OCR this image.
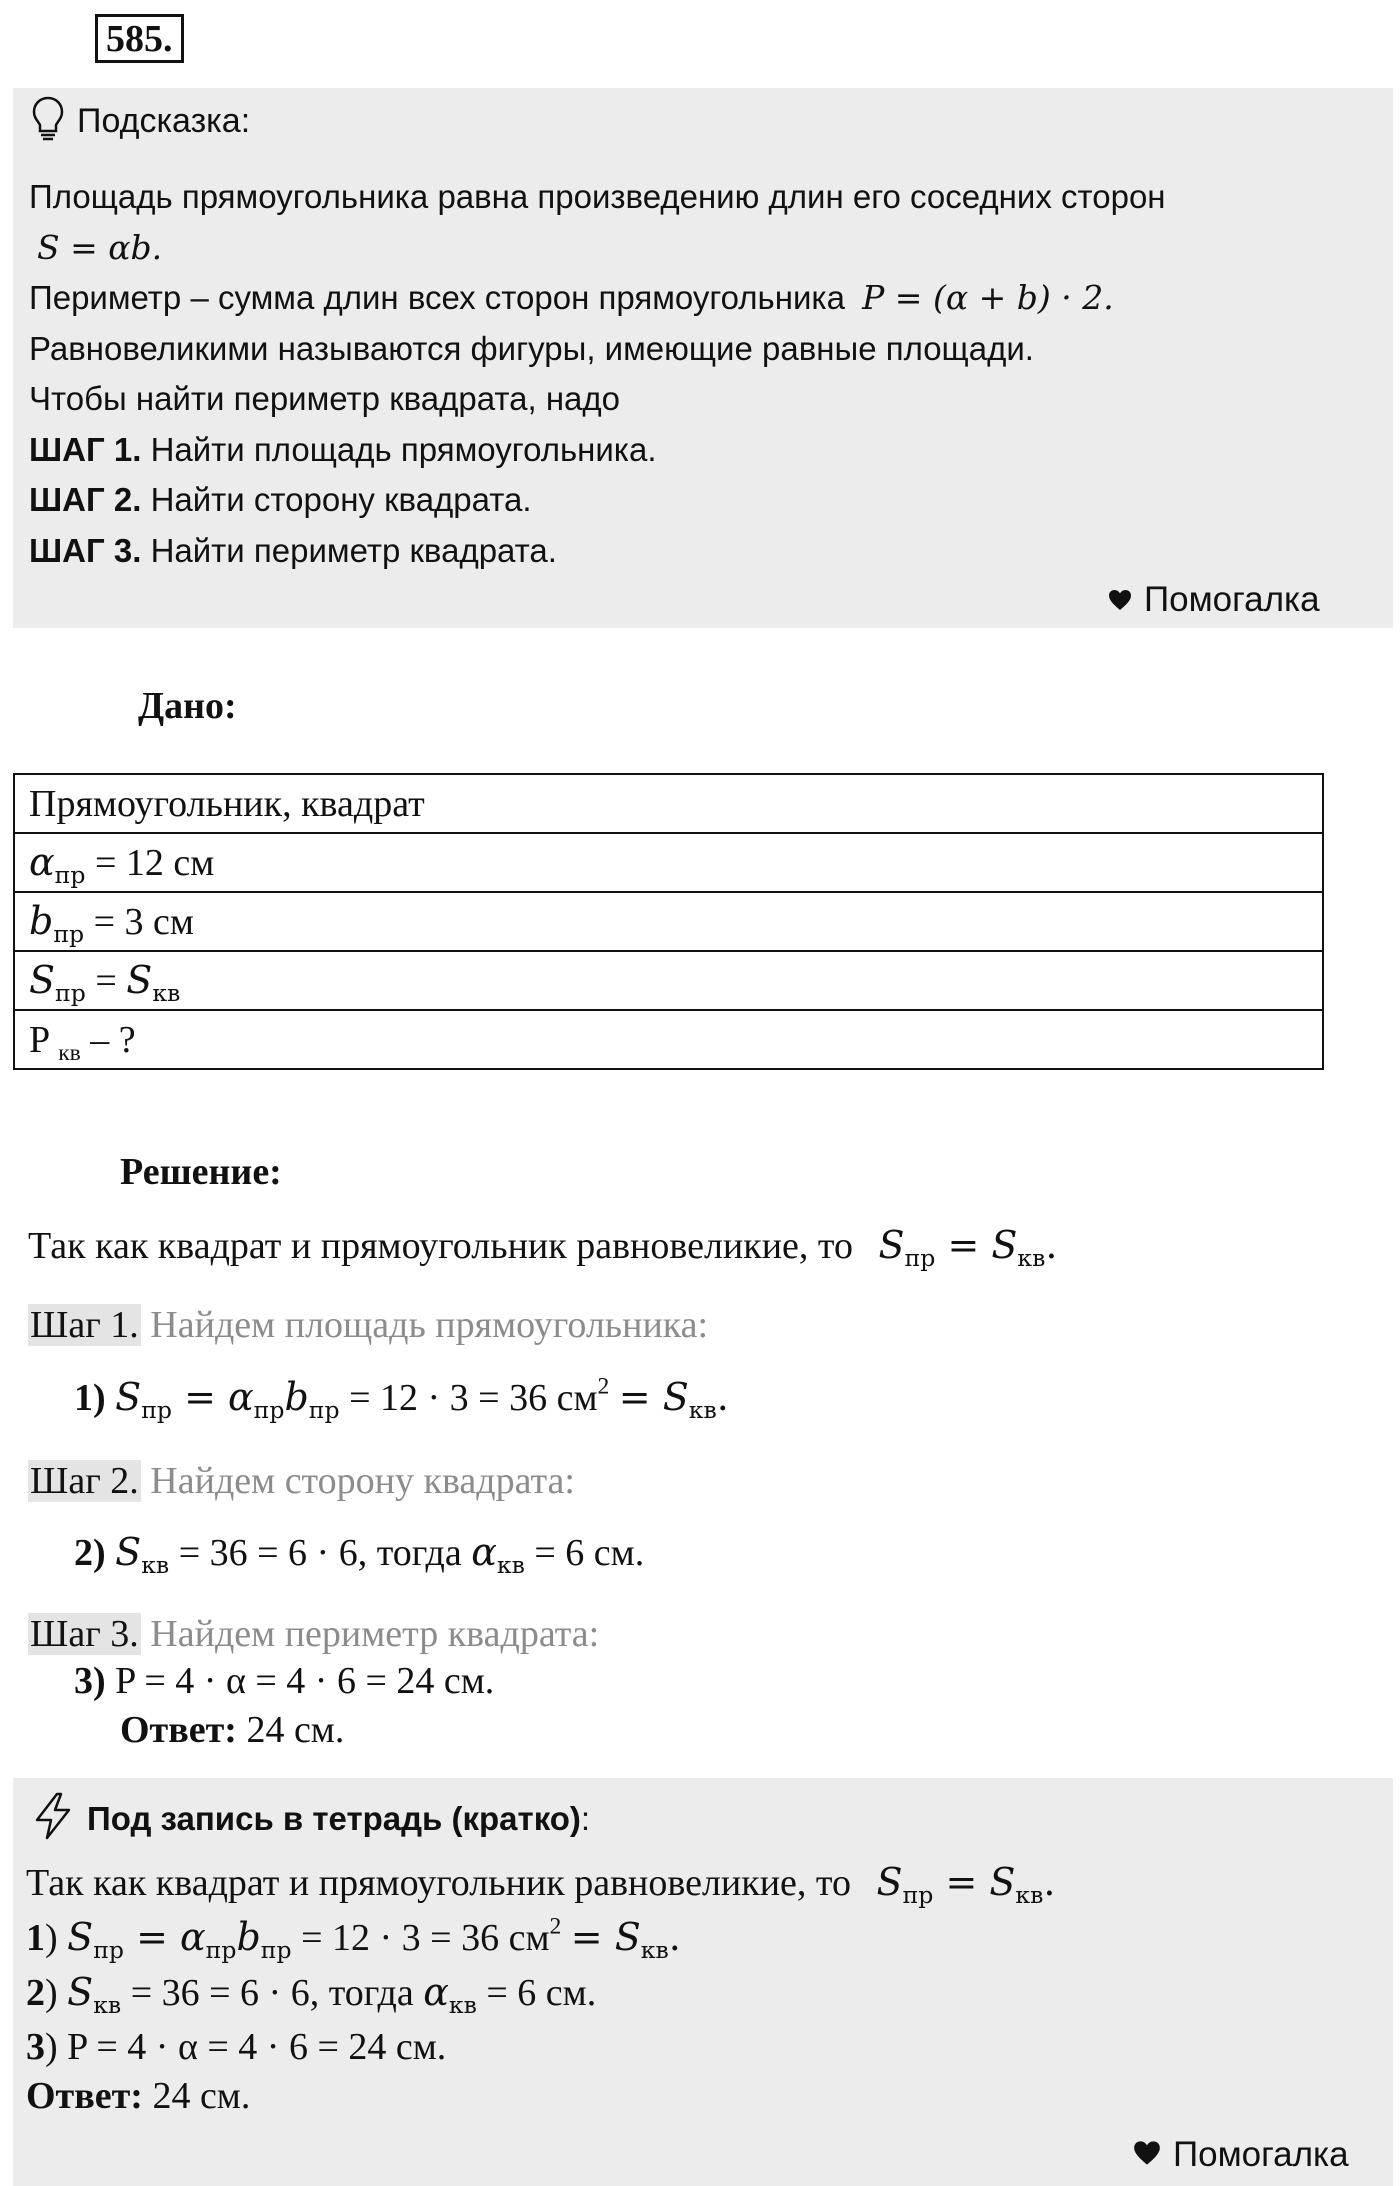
585.
Подсказка:
Площадь прямоугольника равна произведению длин его соседних сторон
S = αb.
Периметр – сумма длин всех сторон прямоугольника P = (α + b) · 2.
Равновеликими называются фигуры, имеющие равные площади.
Чтобы найти периметр квадрата, надо
ШАГ 1. Найти площадь прямоугольника.
ШАГ 2. Найти сторону квадрата.
ШАГ 3. Найти периметр квадрата.
Помогалка
Дано:
Прямоугольник, квадрат
$\alpha_{пр} = 12$ см
$b_{пр} = 3$ см
$S_{пр} = S_{кв}$
P $_{кв}$ – ?
Решение:
Так как квадрат и прямоугольник равновеликие, то $S_{пр} = S_{кв}$.
Шаг 1. Найдем площадь прямоугольника:
1) $S_{пр} = \alpha_{пр}b_{пр} = 12 \cdot 3 = 36$ $см^2 = S_{кв}$.
Шаг 2. Найдем сторону квадрата:
2) $S_{кв} = 36 = 6 \cdot 6$, тогда $\alpha_{кв} = 6$ см.
Шаг 3. Найдем периметр квадрата:
3) P = 4 · α = 4 · 6 = 24 см.
Ответ: 24 см.
Под запись в тетрадь (кратко) :
Так как квадрат и прямоугольник равновеликие, то $S_{пр} = S_{кв}$.
1) $S_{пр} = \alpha_{пр}b_{пр} = 12 \cdot 3 = 36$ $см^2 = S_{кв}$.
2) $S_{кв} = 36 = 6 \cdot 6$, тогда $\alpha_{кв} = 6$ см.
3) P = 4 · α = 4 · 6 = 24 см.
Ответ: 24 см.
Помогалка
